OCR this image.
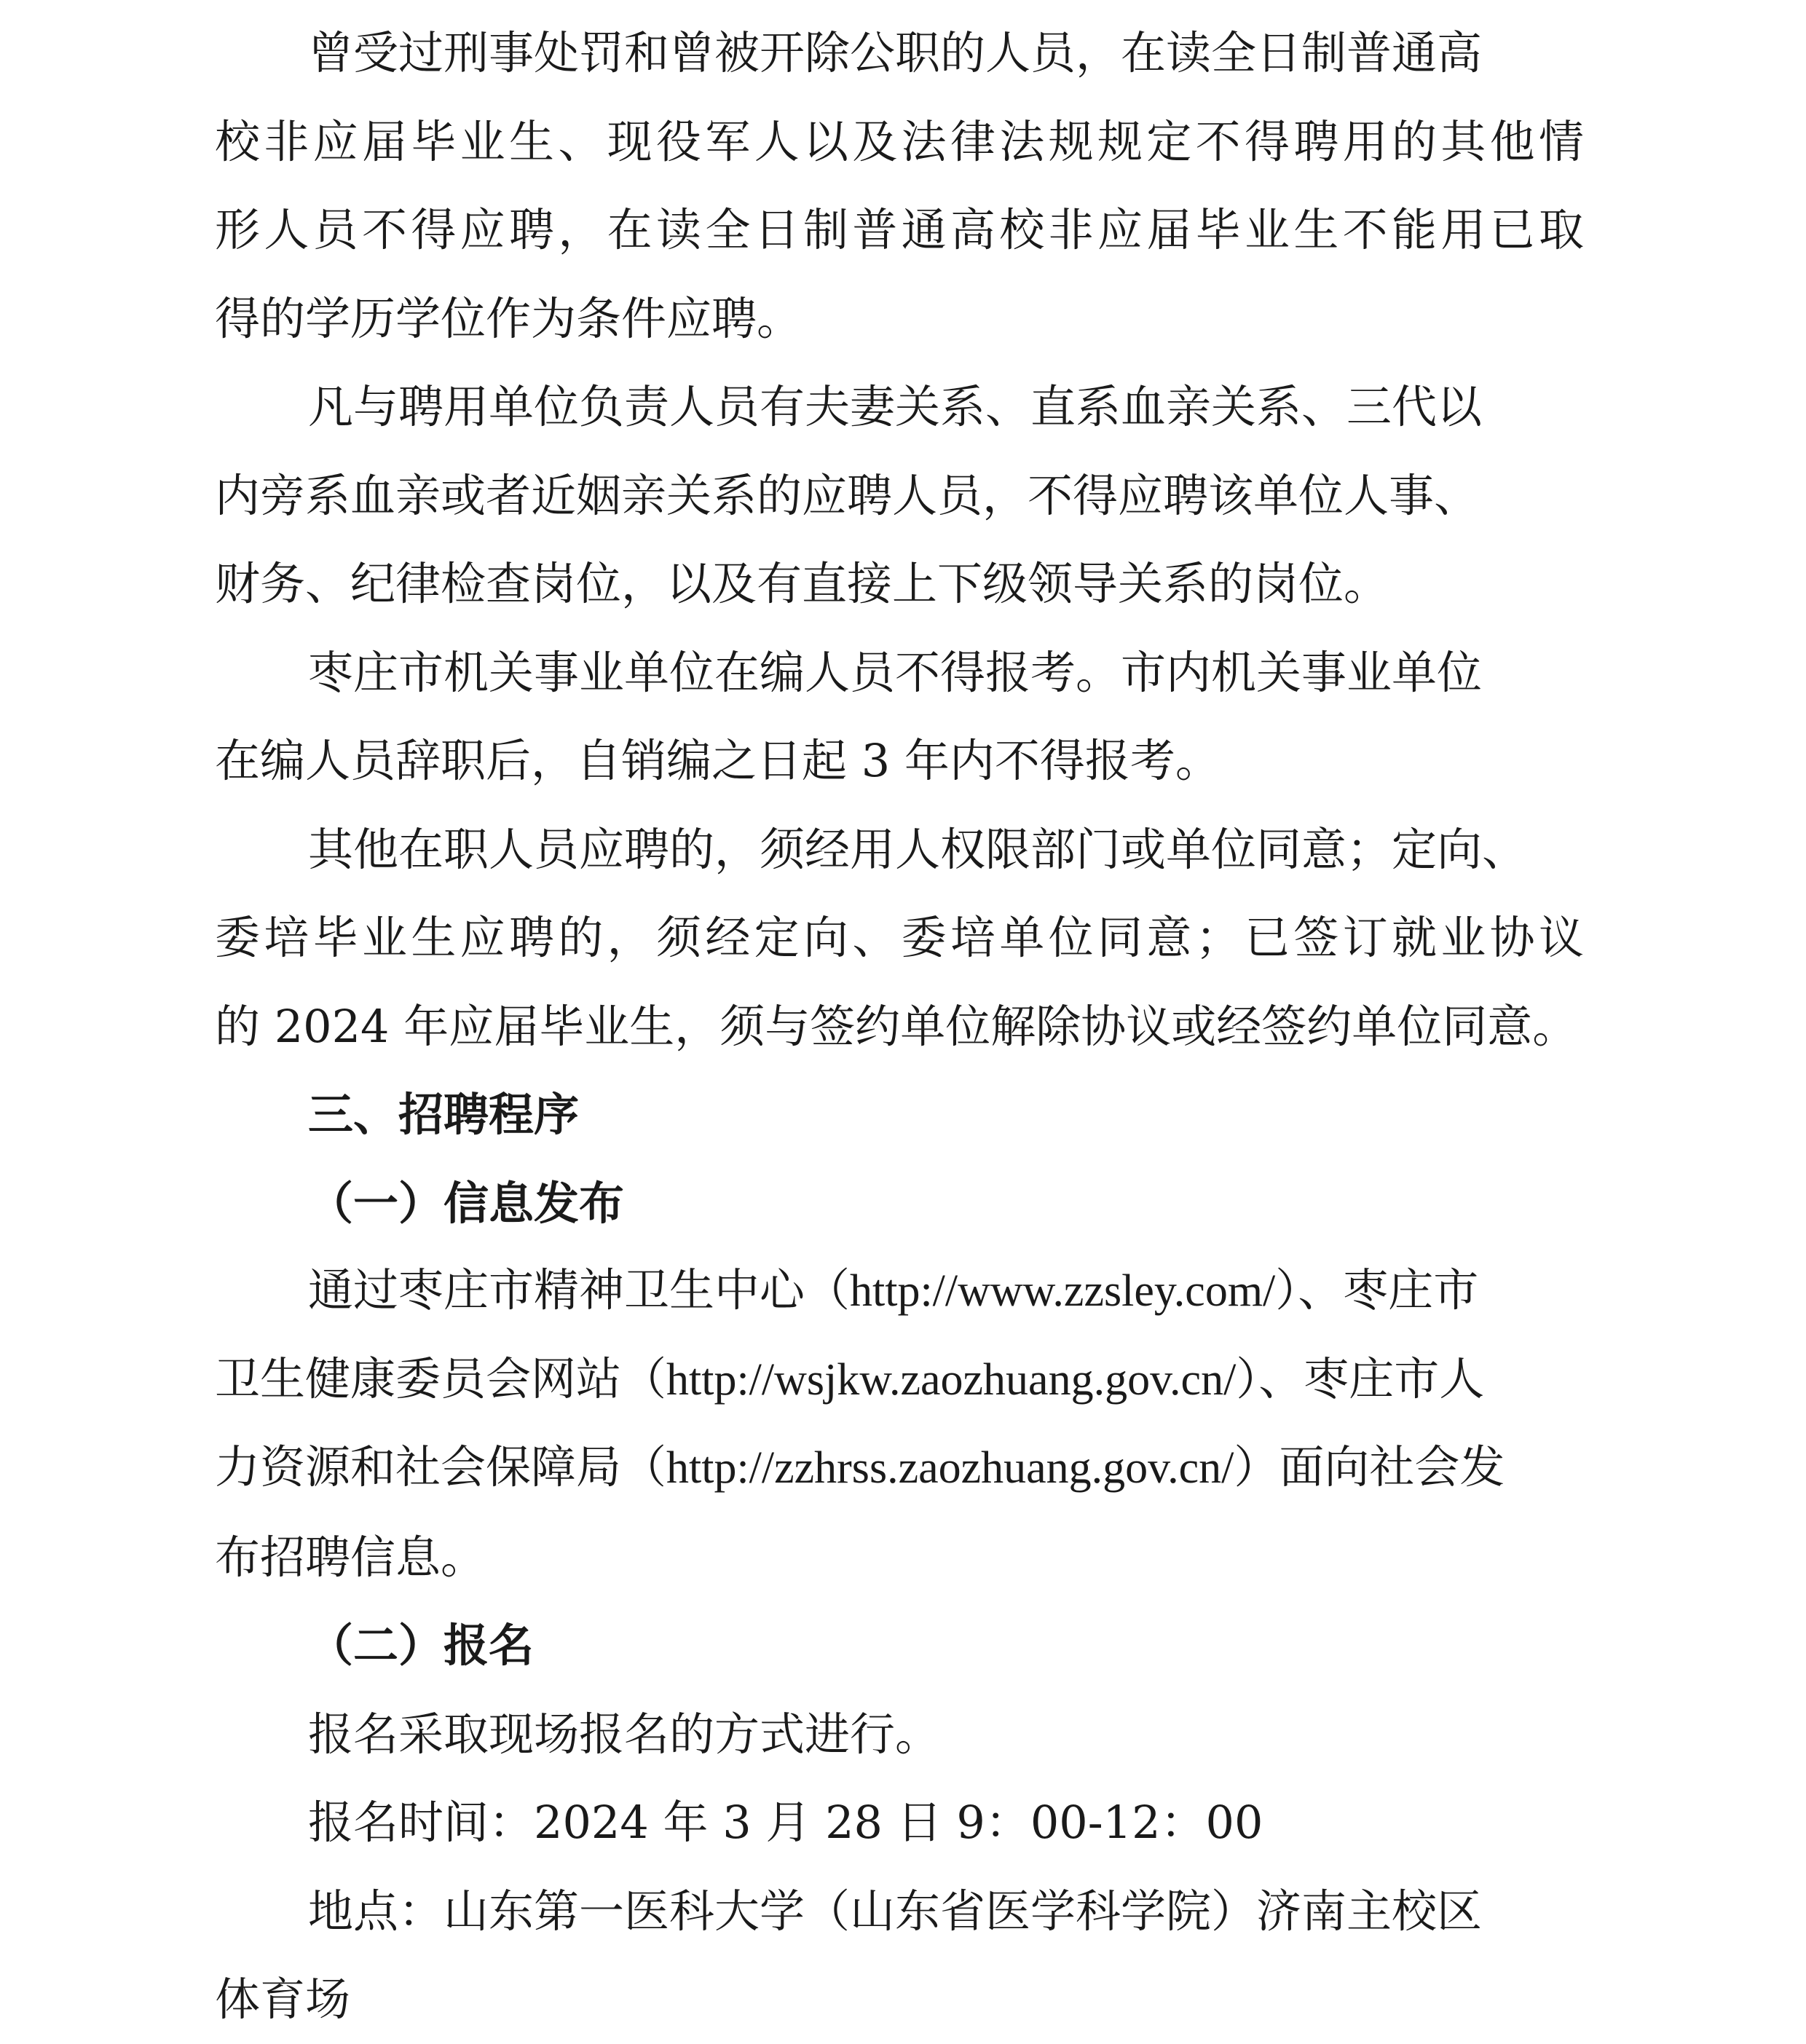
曾受过刑事处罚和曾被开除公职的人员，在读全日制普通高
校非应届毕业生、现役军人以及法律法规规定不得聘用的其他情
形人员不得应聘，在读全日制普通高校非应届毕业生不能用已取
得的学历学位作为条件应聘。
凡与聘用单位负责人员有夫妻关系、直系血亲关系、三代以
内旁系血亲或者近姻亲关系的应聘人员，不得应聘该单位人事、
财务、纪律检查岗位，以及有直接上下级领导关系的岗位。
枣庄市机关事业单位在编人员不得报考。市内机关事业单位
在编人员辞职后，自销编之日起 3 年内不得报考。
其他在职人员应聘的，须经用人权限部门或单位同意；定向、
委培毕业生应聘的，须经定向、委培单位同意；已签订就业协议
的 2024 年应届毕业生，须与签约单位解除协议或经签约单位同意。
三、招聘程序
（一）信息发布
通过枣庄市精神卫生中心（http://www.zzsley.com/）、枣庄市
卫生健康委员会网站（http://wsjkw.zaozhuang.gov.cn/）、枣庄市人
力资源和社会保障局（http://zzhrss.zaozhuang.gov.cn/）面向社会发
布招聘信息。
（二）报名
报名采取现场报名的方式进行。
报名时间：2024 年 3 月 28 日 9：00-12：00
地点：山东第一医科大学（山东省医学科学院）济南主校区
体育场
